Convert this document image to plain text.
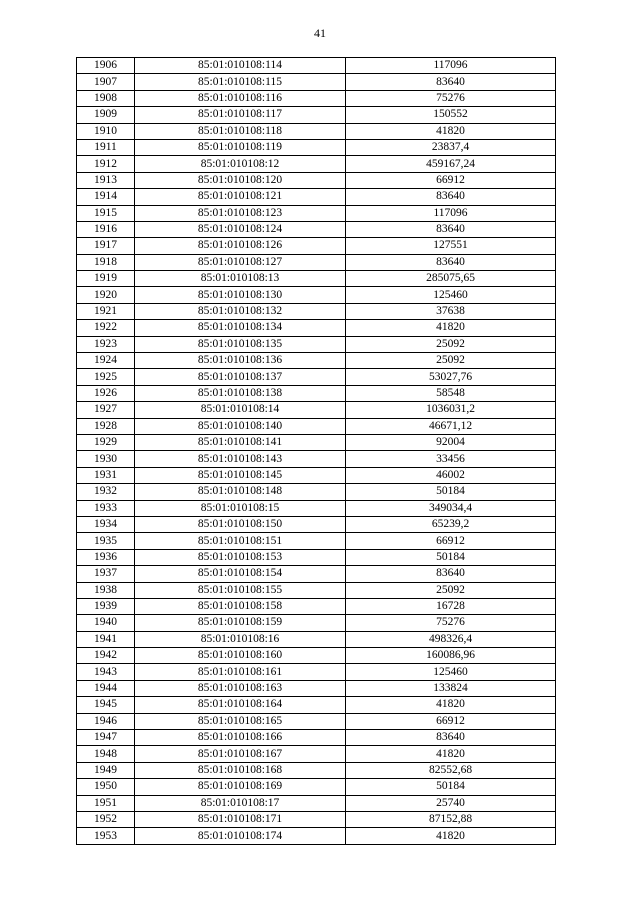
41
1906	85:01:010108:114	117096
1907	85:01:010108:115	83640
1908	85:01:010108:116	75276
1909	85:01:010108:117	150552
1910	85:01:010108:118	41820
1911	85:01:010108:119	23837,4
1912	85:01:010108:12	459167,24
1913	85:01:010108:120	66912
1914	85:01:010108:121	83640
1915	85:01:010108:123	117096
1916	85:01:010108:124	83640
1917	85:01:010108:126	127551
1918	85:01:010108:127	83640
1919	85:01:010108:13	285075,65
1920	85:01:010108:130	125460
1921	85:01:010108:132	37638
1922	85:01:010108:134	41820
1923	85:01:010108:135	25092
1924	85:01:010108:136	25092
1925	85:01:010108:137	53027,76
1926	85:01:010108:138	58548
1927	85:01:010108:14	1036031,2
1928	85:01:010108:140	46671,12
1929	85:01:010108:141	92004
1930	85:01:010108:143	33456
1931	85:01:010108:145	46002
1932	85:01:010108:148	50184
1933	85:01:010108:15	349034,4
1934	85:01:010108:150	65239,2
1935	85:01:010108:151	66912
1936	85:01:010108:153	50184
1937	85:01:010108:154	83640
1938	85:01:010108:155	25092
1939	85:01:010108:158	16728
1940	85:01:010108:159	75276
1941	85:01:010108:16	498326,4
1942	85:01:010108:160	160086,96
1943	85:01:010108:161	125460
1944	85:01:010108:163	133824
1945	85:01:010108:164	41820
1946	85:01:010108:165	66912
1947	85:01:010108:166	83640
1948	85:01:010108:167	41820
1949	85:01:010108:168	82552,68
1950	85:01:010108:169	50184
1951	85:01:010108:17	25740
1952	85:01:010108:171	87152,88
1953	85:01:010108:174	41820
